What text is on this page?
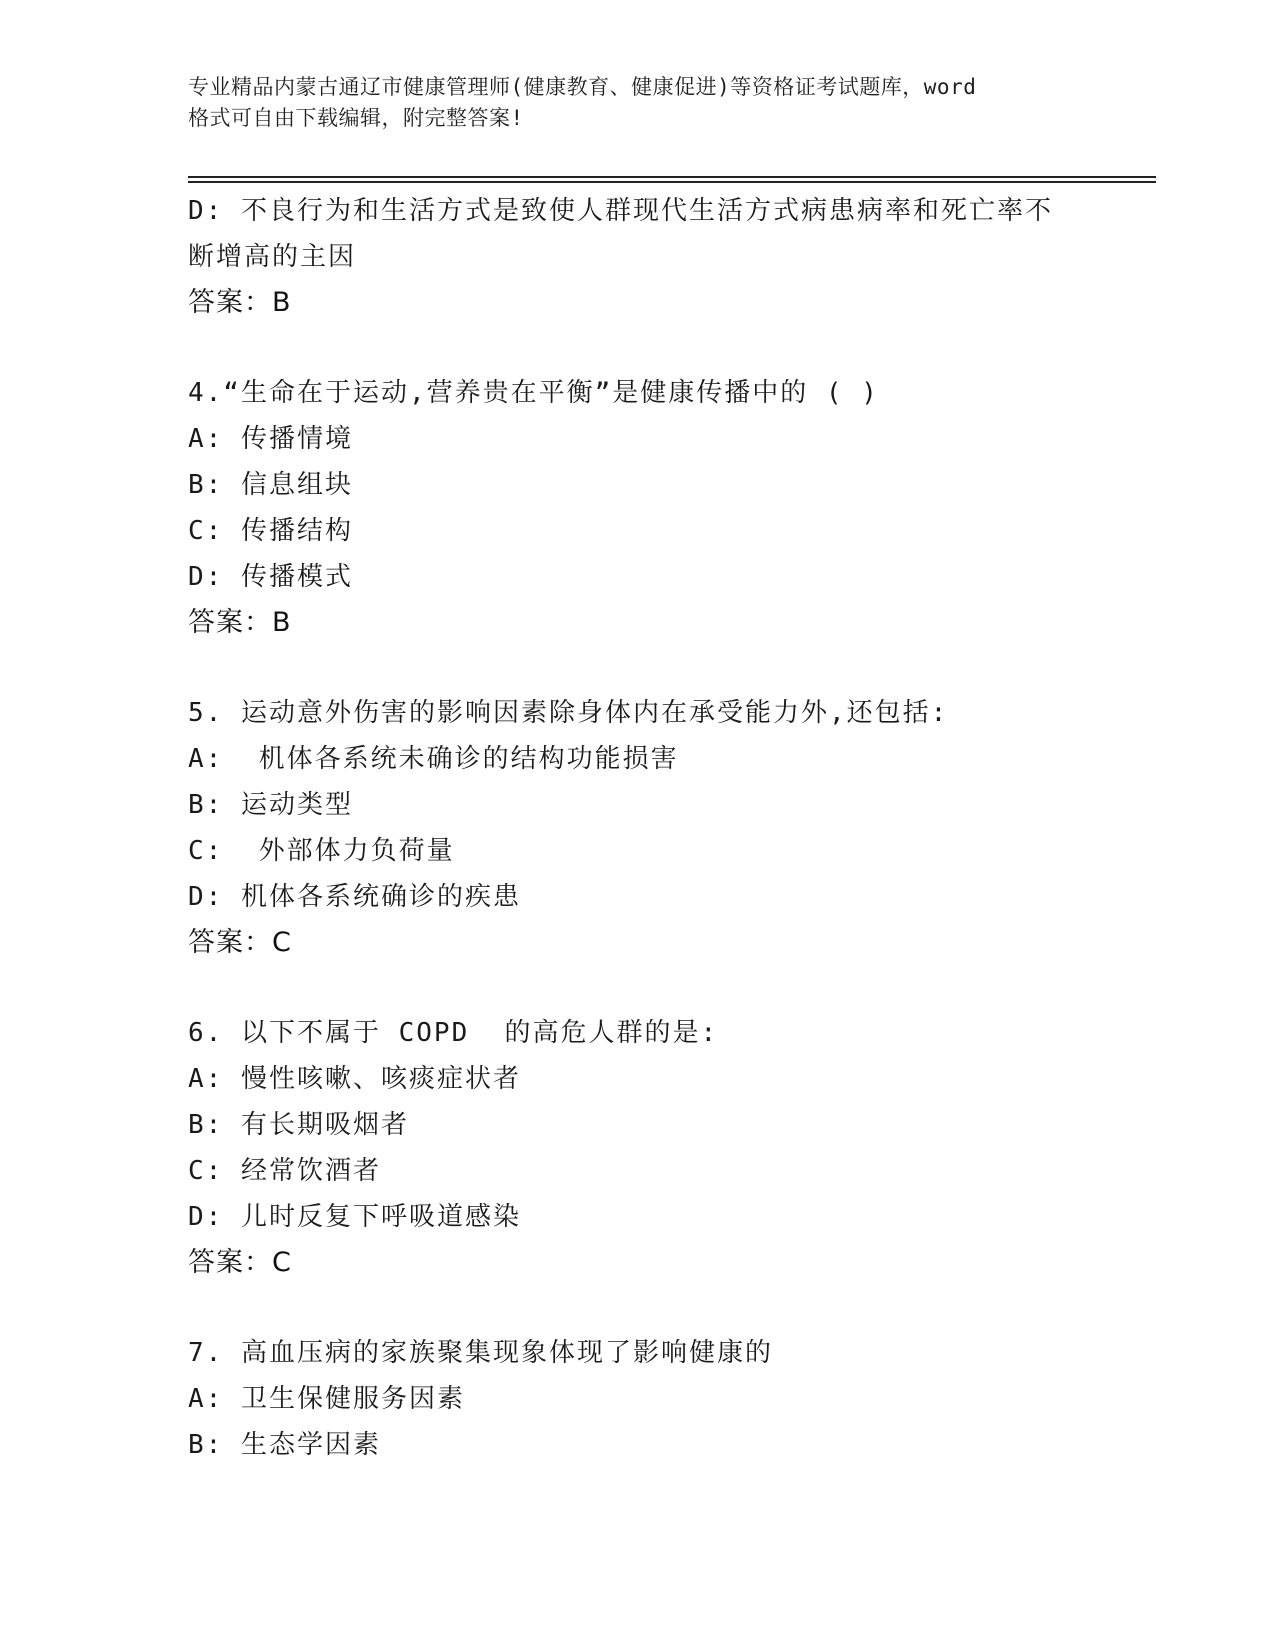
专业精品内蒙古通辽市健康管理师(健康教育、健康促进)等资格证考试题库，word
格式可自由下载编辑，附完整答案!
D: 不良行为和生活方式是致使人群现代生活方式病患病率和死亡率不
断增高的主因
答案：B
4.“生命在于运动,营养贵在平衡”是健康传播中的 ( )
A: 传播情境
B: 信息组块
C: 传播结构
D: 传播模式
答案：B
5. 运动意外伤害的影响因素除身体内在承受能力外,还包括:
A:  机体各系统未确诊的结构功能损害
B: 运动类型
C:  外部体力负荷量
D: 机体各系统确诊的疾患
答案：C
6. 以下不属于 COPD  的高危人群的是:
A: 慢性咳嗽、咳痰症状者
B: 有长期吸烟者
C: 经常饮酒者
D: 儿时反复下呼吸道感染
答案：C
7. 高血压病的家族聚集现象体现了影响健康的
A: 卫生保健服务因素
B: 生态学因素
